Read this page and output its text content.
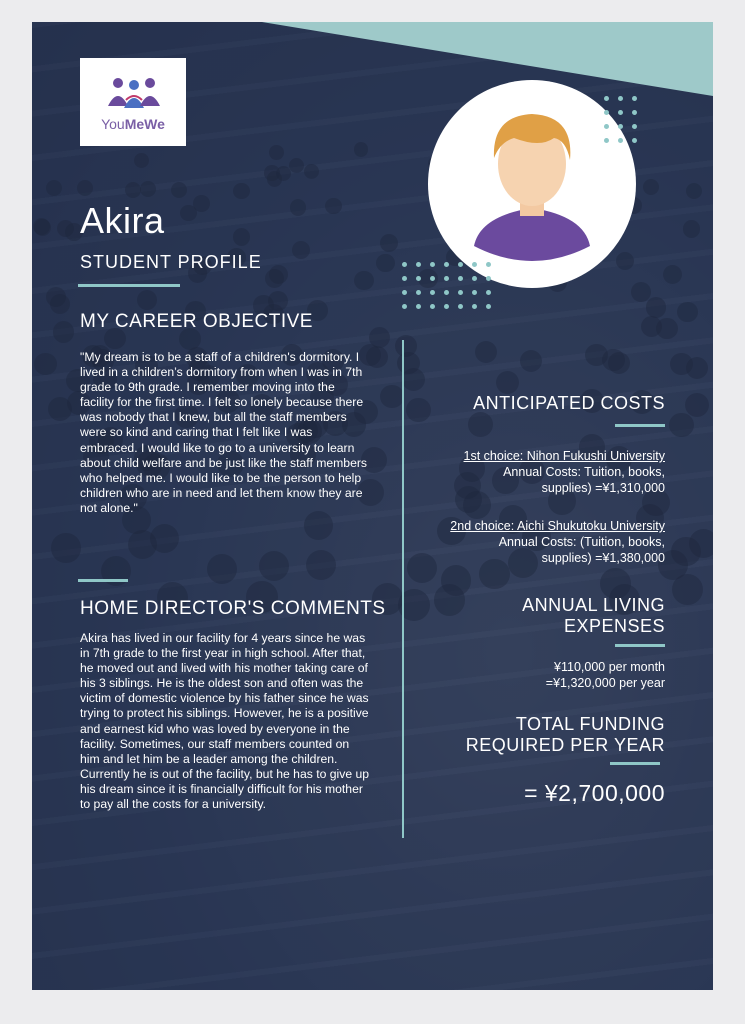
YouMeWe
Akira
STUDENT PROFILE
MY CAREER OBJECTIVE
"My dream is to be a staff of a children's dormitory. I lived in a children’s dormitory from when I was in 7th grade to 9th grade. I remember moving into the facility for the first time. I felt so lonely because there was nobody that I knew, but all the staff members were so kind and caring that I felt like I was embraced. I would like to go to a university to learn about child welfare and be just like the staff members who helped me. I would like to be the person to help children who are in need and let them know they are not alone."
HOME DIRECTOR'S COMMENTS
Akira has lived in our facility for 4 years since he was in 7th grade to the first year in high school. After that, he moved out and lived with his mother taking care of his 3 siblings. He is the oldest son and often was the victim of domestic violence by his father since he was trying to protect his siblings. However, he is a positive and earnest kid who was loved by everyone in the facility. Sometimes, our staff members counted on him and let him be a leader among the children. Currently he is out of the facility, but he has to give up his dream since it is financially difficult for his mother to pay all the costs for a university.
ANTICIPATED COSTS
1st choice: Nihon Fukushi University
Annual Costs: Tuition, books,
supplies) =¥1,310,000
2nd choice: Aichi Shukutoku University
Annual Costs: (Tuition, books,
supplies) =¥1,380,000
ANNUAL LIVING
EXPENSES
¥110,000 per month
=¥1,320,000 per year
TOTAL FUNDING
REQUIRED PER YEAR
= ¥2,700,000
